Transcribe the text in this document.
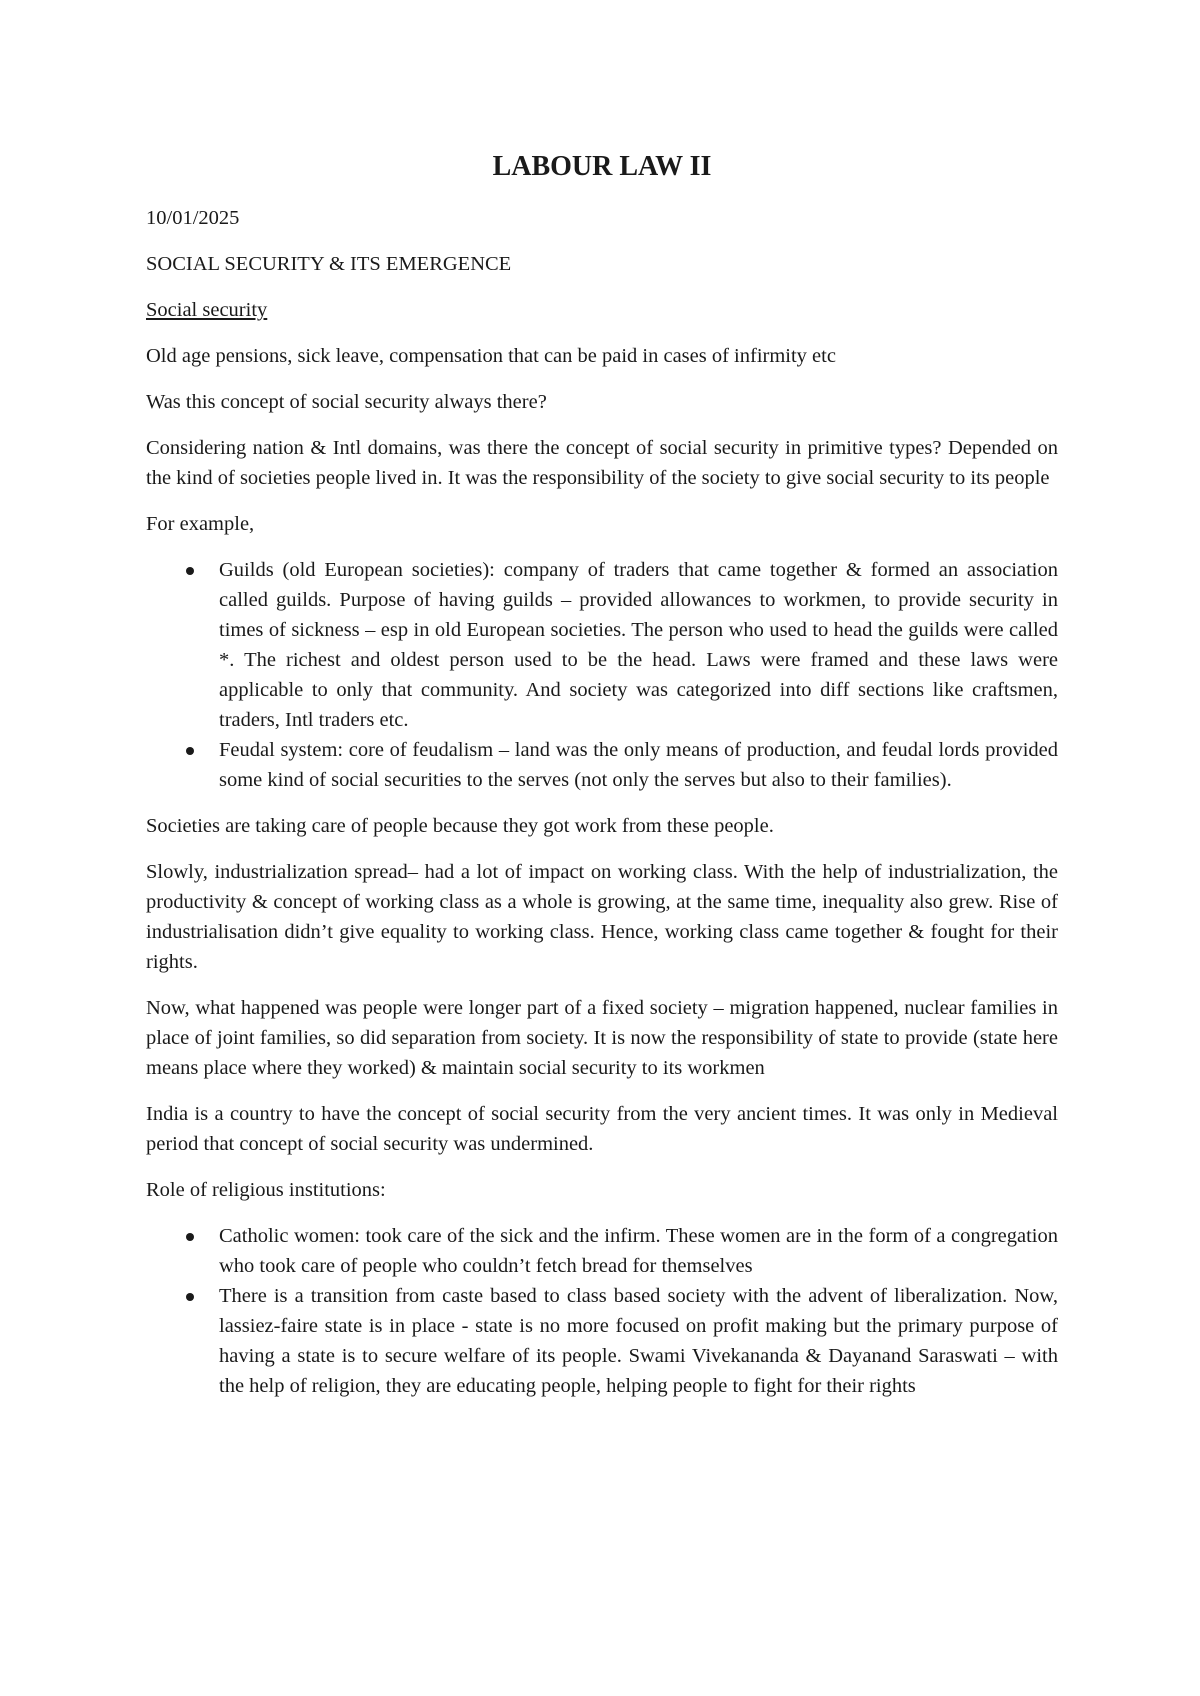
LABOUR LAW II

10/01/2025

SOCIAL SECURITY & ITS EMERGENCE

Social security

Old age pensions, sick leave, compensation that can be paid in cases of infirmity etc

Was this concept of social security always there?

Considering nation & Intl domains, was there the concept of social security in primitive types? Depended on the kind of societies people lived in. It was the responsibility of the society to give social security to its people

For example,

Guilds (old European societies): company of traders that came together & formed an association called guilds. Purpose of having guilds – provided allowances to workmen, to provide security in times of sickness – esp in old European societies. The person who used to head the guilds were called *. The richest and oldest person used to be the head. Laws were framed and these laws were applicable to only that community. And society was categorized into diff sections like craftsmen, traders, Intl traders etc.
Feudal system: core of feudalism – land was the only means of production, and feudal lords provided some kind of social securities to the serves (not only the serves but also to their families).

Societies are taking care of people because they got work from these people.

Slowly, industrialization spread– had a lot of impact on working class. With the help of industrialization, the productivity & concept of working class as a whole is growing, at the same time, inequality also grew. Rise of industrialisation didn’t give equality to working class. Hence, working class came together & fought for their rights.

Now, what happened was people were longer part of a fixed society – migration happened, nuclear families in place of joint families, so did separation from society. It is now the responsibility of state to provide (state here means place where they worked) & maintain social security to its workmen

India is a country to have the concept of social security from the very ancient times. It was only in Medieval period that concept of social security was undermined.

Role of religious institutions:

Catholic women: took care of the sick and the infirm. These women are in the form of a congregation who took care of people who couldn’t fetch bread for themselves
There is a transition from caste based to class based society with the advent of liberalization. Now, lassiez-faire state is in place - state is no more focused on profit making but the primary purpose of having a state is to secure welfare of its people. Swami Vivekananda & Dayanand Saraswati – with the help of religion, they are educating people, helping people to fight for their rights
